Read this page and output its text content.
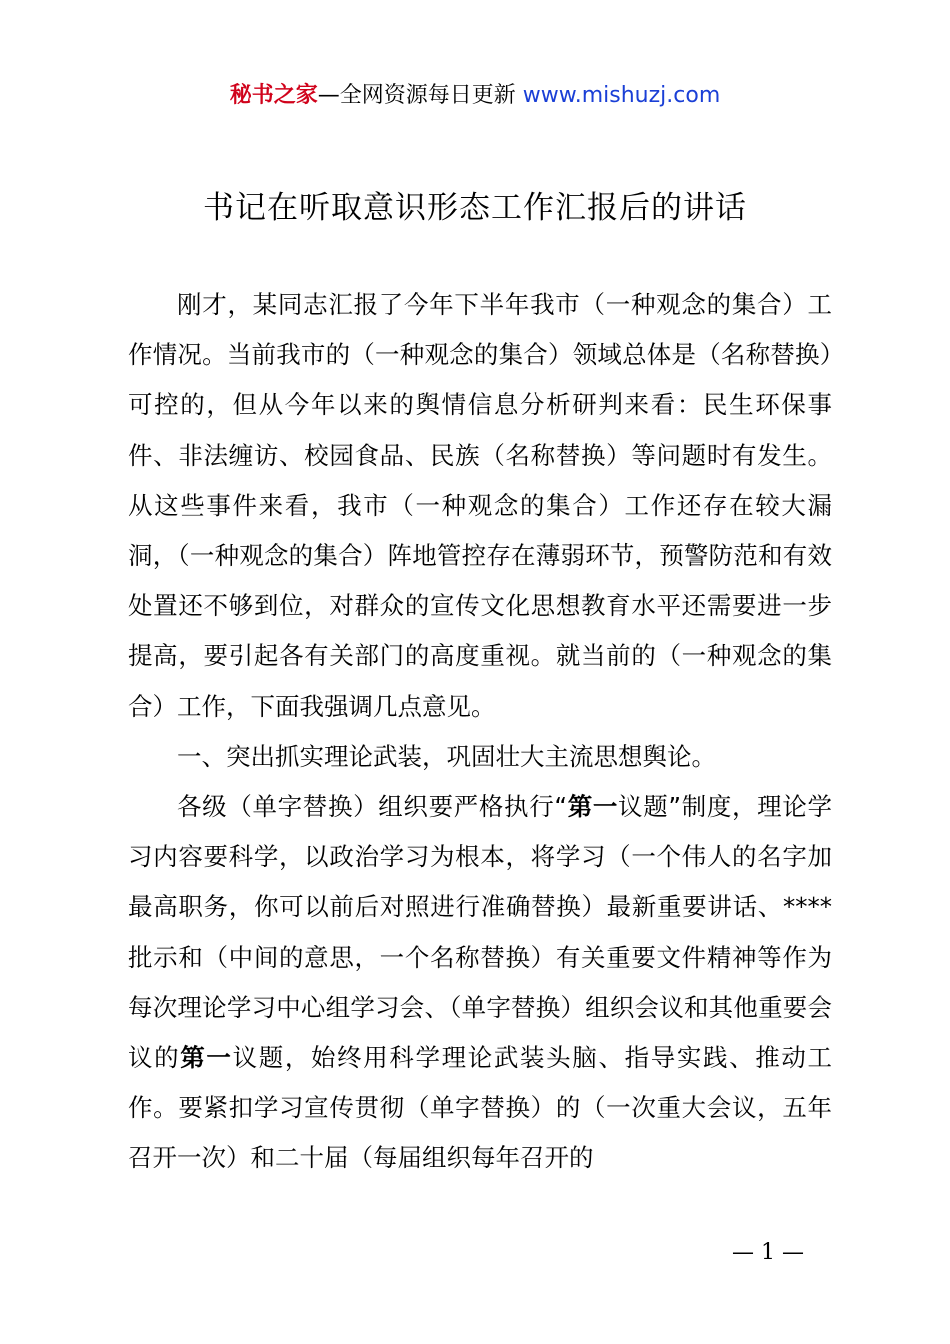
秘书之家—全网资源每日更新 www.mishuzj.com
书记在听取意识形态工作汇报后的讲话

刚才，某同志汇报了今年下半年我市（一种观念的集合）工作情况。当前我市的（一种观念的集合）领域总体是（名称替换）可控的，但从今年以来的舆情信息分析研判来看：民生环保事件、非法缠访、校园食品、民族（名称替换）等问题时有发生。从这些事件来看，我市（一种观念的集合）工作还存在较大漏洞，（一种观念的集合）阵地管控存在薄弱环节，预警防范和有效处置还不够到位，对群众的宣传文化思想教育水平还需要进一步提高，要引起各有关部门的高度重视。就当前的（一种观念的集合）工作，下面我强调几点意见。

一、突出抓实理论武装，巩固壮大主流思想舆论。

各级（单字替换）组织要严格执行“第一议题”制度，理论学习内容要科学，以政治学习为根本，将学习（一个伟人的名字加最高职务，你可以前后对照进行准确替换）最新重要讲话、****批示和（中间的意思，一个名称替换）有关重要文件精神等作为每次理论学习中心组学习会、（单字替换）组织会议和其他重要会议的第一议题，始终用科学理论武装头脑、指导实践、推动工作。要紧扣学习宣传贯彻（单字替换）的（一次重大会议，五年召开一次）和二十届（每届组织每年召开的

— 1 —
